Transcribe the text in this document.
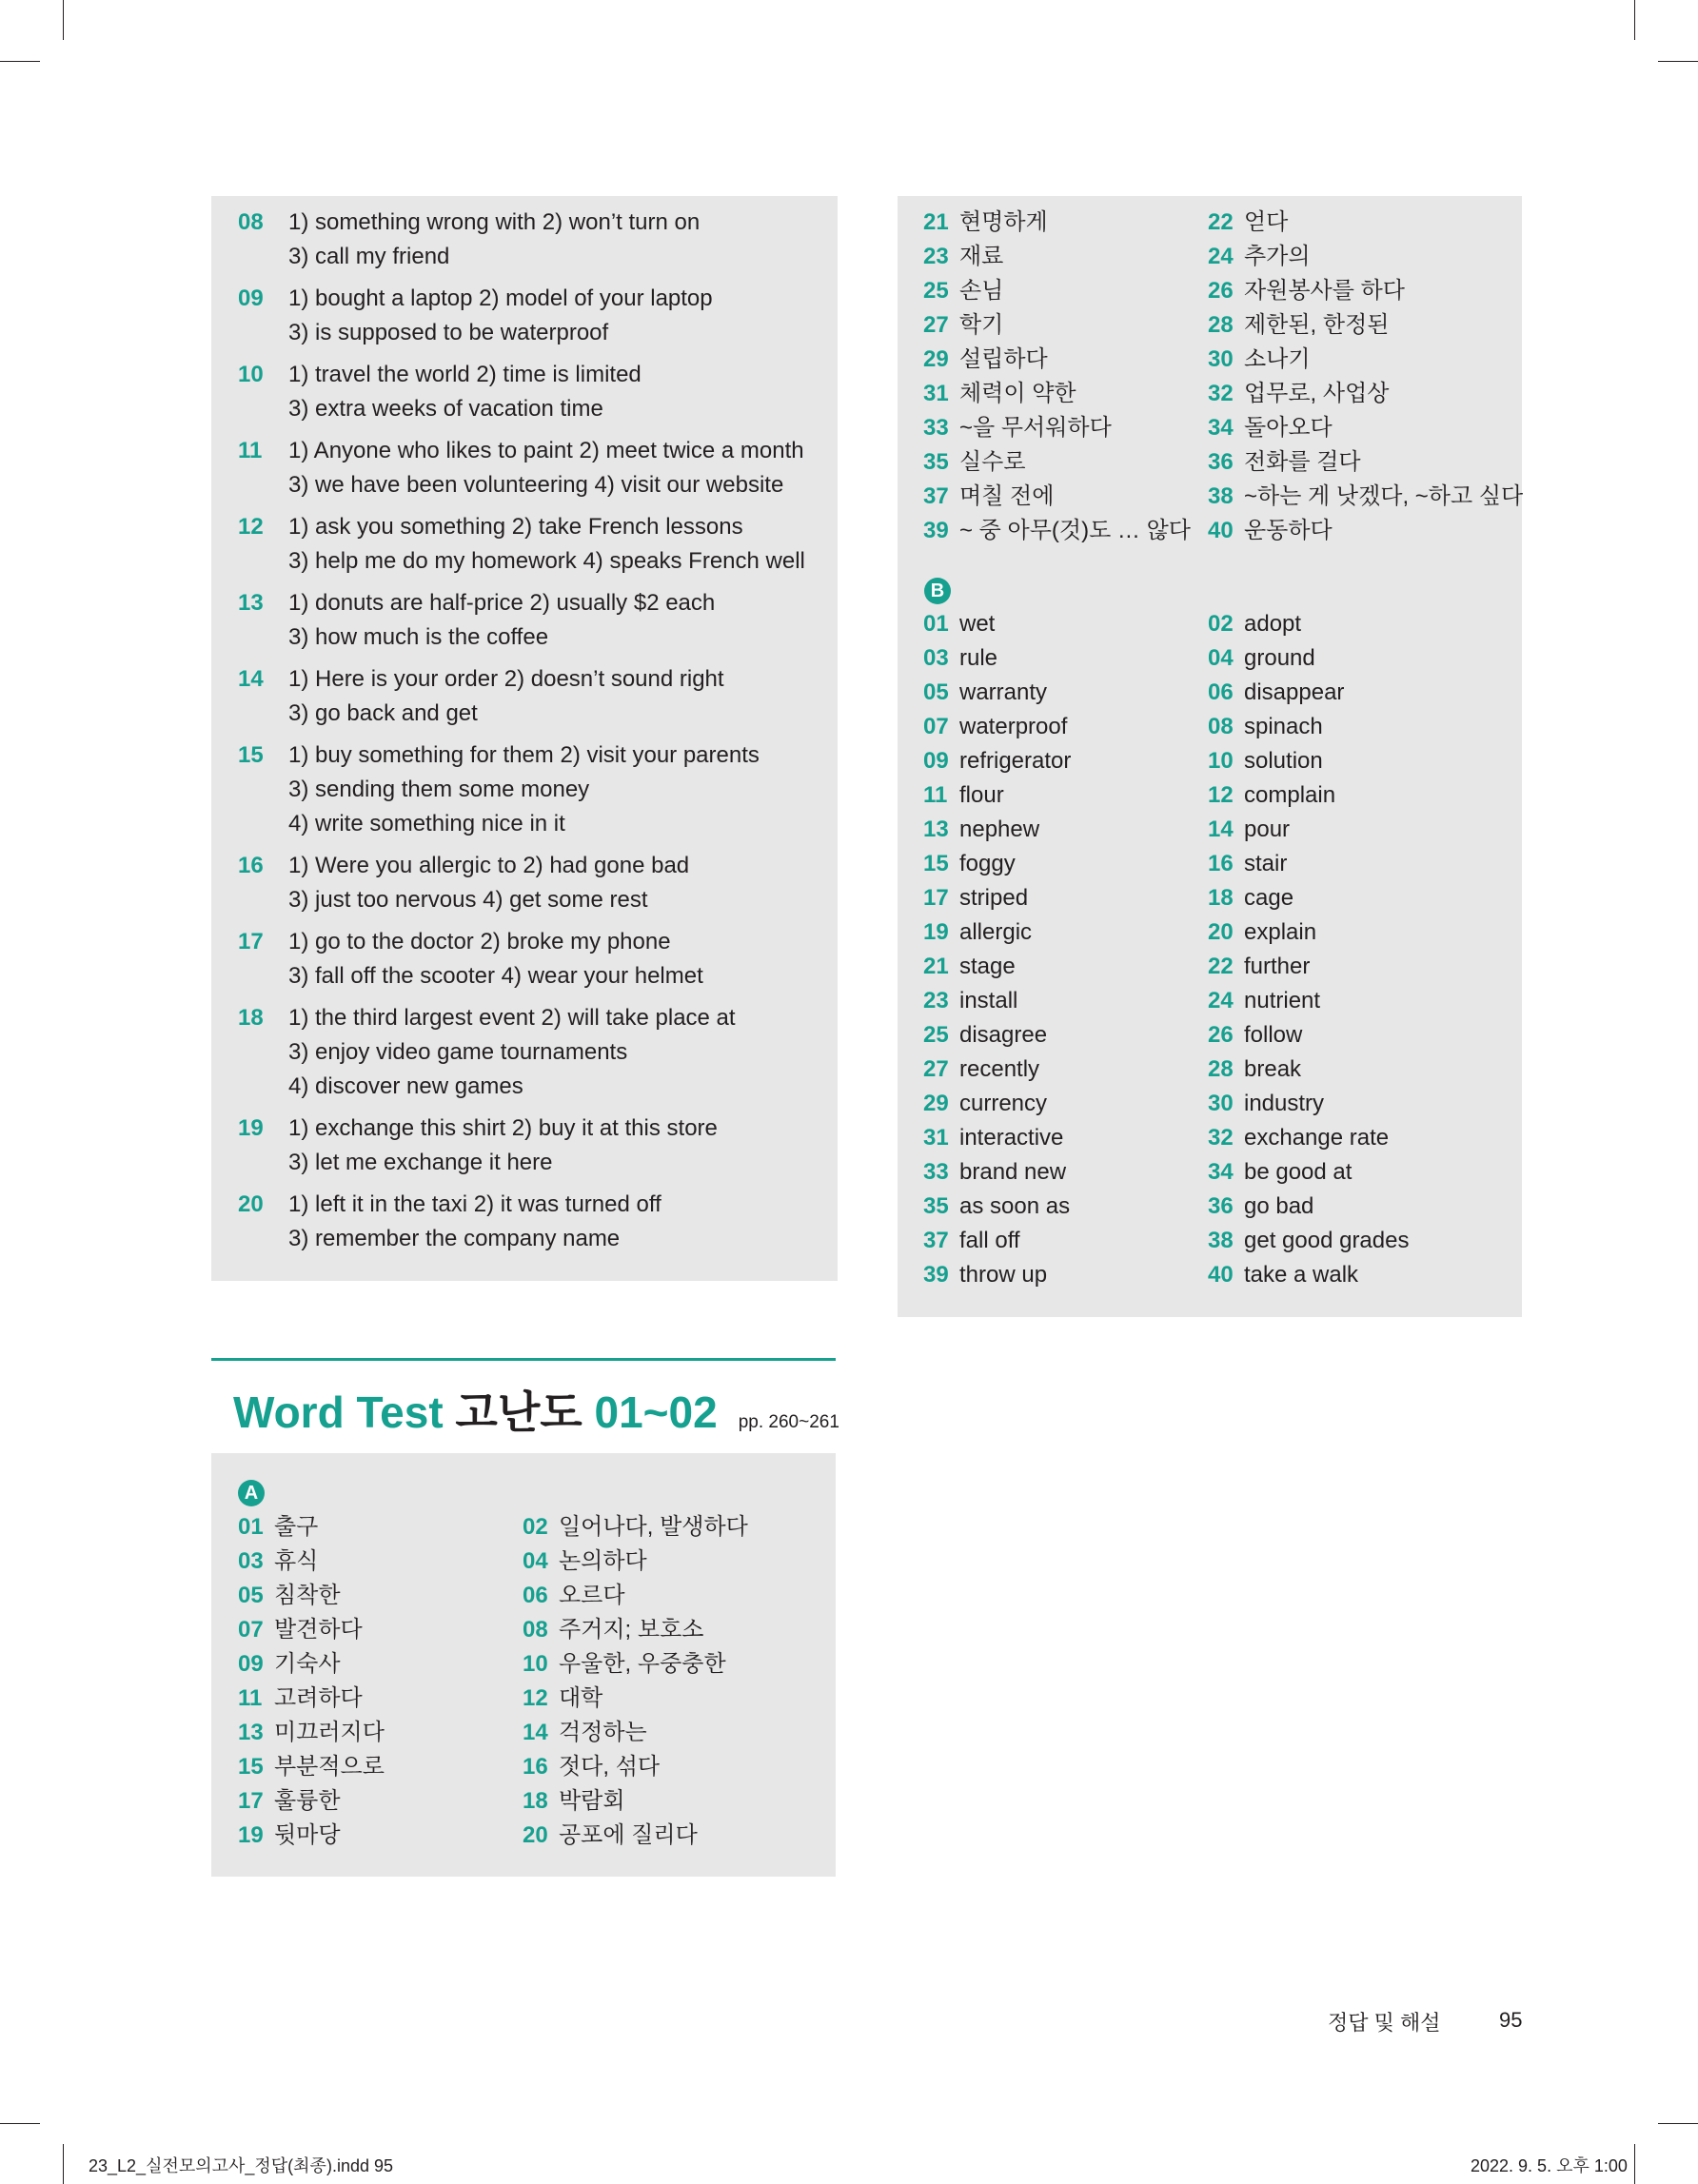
08 1) something wrong with 2) won’t turn on
3) call my friend
09 1) bought a laptop 2) model of your laptop
3) is supposed to be waterproof
10 1) travel the world 2) time is limited
3) extra weeks of vacation time
11 1) Anyone who likes to paint 2) meet twice a month
3) we have been volunteering 4) visit our website
12 1) ask you something 2) take French lessons
3) help me do my homework 4) speaks French well
13 1) donuts are half-price 2) usually $2 each
3) how much is the coffee
14 1) Here is your order 2) doesn’t sound right
3) go back and get
15 1) buy something for them 2) visit your parents
3) sending them some money
4) write something nice in it
16 1) Were you allergic to 2) had gone bad
3) just too nervous 4) get some rest
17 1) go to the doctor 2) broke my phone
3) fall off the scooter 4) wear your helmet
18 1) the third largest event 2) will take place at
3) enjoy video game tournaments
4) discover new games
19 1) exchange this shirt 2) buy it at this store
3) let me exchange it here
20 1) left it in the taxi 2) it was turned off
3) remember the company name
21 현명하게	22 얻다
23 재료	24 추가의
25 손님	26 자원봉사를 하다
27 학기	28 제한된, 한정된
29 설립하다	30 소나기
31 체력이 약한	32 업무로, 사업상
33 ~을 무서워하다	34 돌아오다
35 실수로	36 전화를 걸다
37 며칠 전에	38 ~하는 게 낫겠다, ~하고 싶다
39 ~ 중 아무(것)도 … 않다 40 운동하다
B
01 wet	02 adopt
03 rule	04 ground
05 warranty	06 disappear
07 waterproof	08 spinach
09 refrigerator	10 solution
11 flour	12 complain
13 nephew	14 pour
15 foggy	16 stair
17 striped	18 cage
19 allergic	20 explain
21 stage	22 further
23 install	24 nutrient
25 disagree	26 follow
27 recently	28 break
29 currency	30 industry
31 interactive	32 exchange rate
33 brand new	34 be good at
35 as soon as	36 go bad
37 fall off	38 get good grades
39 throw up	40 take a walk
Word Test 고난도 01~02 pp. 260~261
A
01 출구	02 일어나다, 발생하다
03 휴식	04 논의하다
05 침착한	06 오르다
07 발견하다	08 주거지; 보호소
09 기숙사	10 우울한, 우중충한
11 고려하다	12 대학
13 미끄러지다	14 걱정하는
15 부분적으로	16 젓다, 섞다
17 훌륭한	18 박람회
19 뒷마당	20 공포에 질리다
정답 및 해설	95
23_L2_실전모의고사_정답(최종).indd 95	2022. 9. 5. 오후 1:00
